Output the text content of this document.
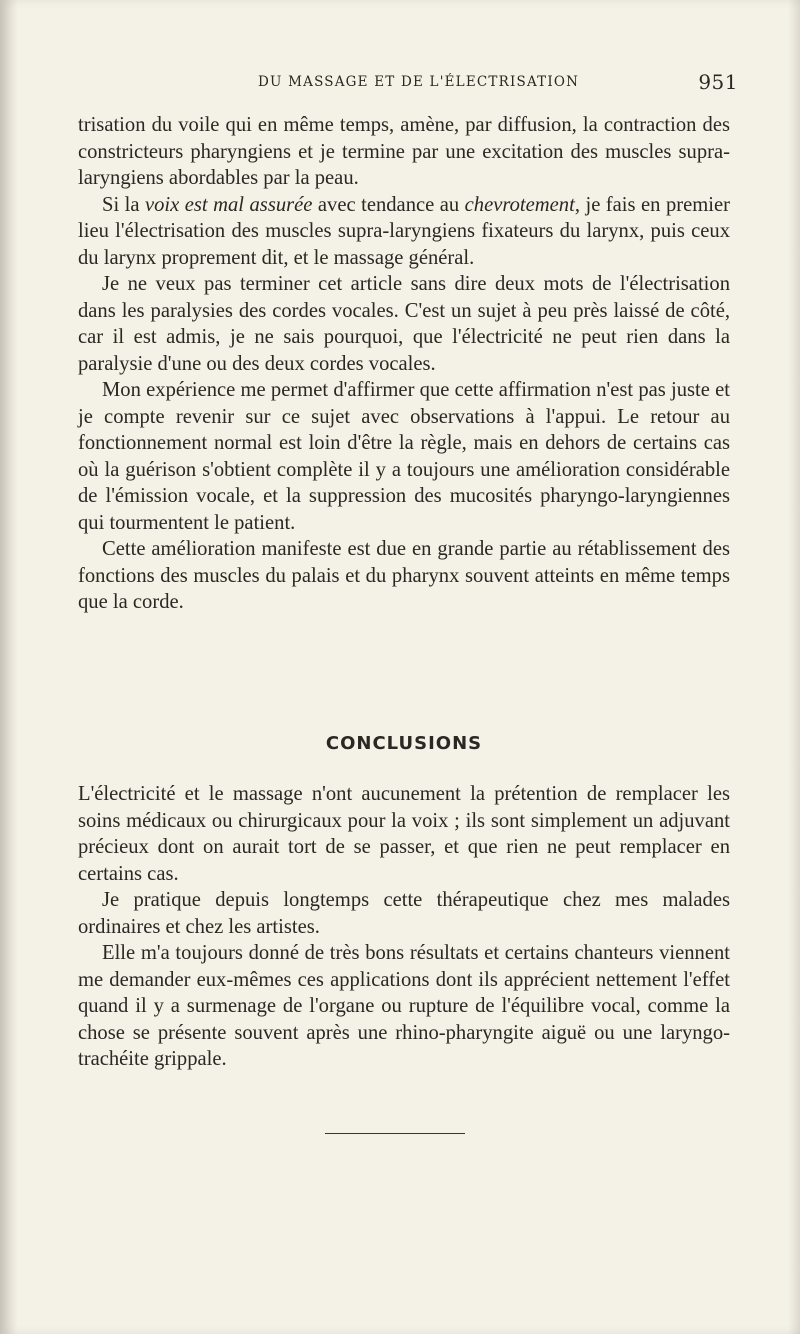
DU MASSAGE ET DE L'ÉLECTRISATION	951

trisation du voile qui en même temps, amène, par diffusion, la contraction des constricteurs pharyngiens et je termine par une excitation des muscles supra-laryngiens abordables par la peau.

Si la voix est mal assurée avec tendance au chevrotement, je fais en premier lieu l'électrisation des muscles supra-laryngiens fixateurs du larynx, puis ceux du larynx proprement dit, et le massage général.

Je ne veux pas terminer cet article sans dire deux mots de l'électrisation dans les paralysies des cordes vocales. C'est un sujet à peu près laissé de côté, car il est admis, je ne sais pourquoi, que l'électricité ne peut rien dans la paralysie d'une ou des deux cordes vocales.

Mon expérience me permet d'affirmer que cette affirmation n'est pas juste et je compte revenir sur ce sujet avec observations à l'appui. Le retour au fonctionnement normal est loin d'être la règle, mais en dehors de certains cas où la guérison s'obtient complète il y a toujours une amélioration considérable de l'émission vocale, et la suppression des mucosités pharyngo-laryngiennes qui tourmentent le patient.

Cette amélioration manifeste est due en grande partie au rétablissement des fonctions des muscles du palais et du pharynx souvent atteints en même temps que la corde.

CONCLUSIONS

L'électricité et le massage n'ont aucunement la prétention de remplacer les soins médicaux ou chirurgicaux pour la voix ; ils sont simplement un adjuvant précieux dont on aurait tort de se passer, et que rien ne peut remplacer en certains cas.

Je pratique depuis longtemps cette thérapeutique chez mes malades ordinaires et chez les artistes.

Elle m'a toujours donné de très bons résultats et certains chanteurs viennent me demander eux-mêmes ces applications dont ils apprécient nettement l'effet quand il y a surmenage de l'organe ou rupture de l'équilibre vocal, comme la chose se présente souvent après une rhino-pharyngite aiguë ou une laryngo-trachéite grippale.
